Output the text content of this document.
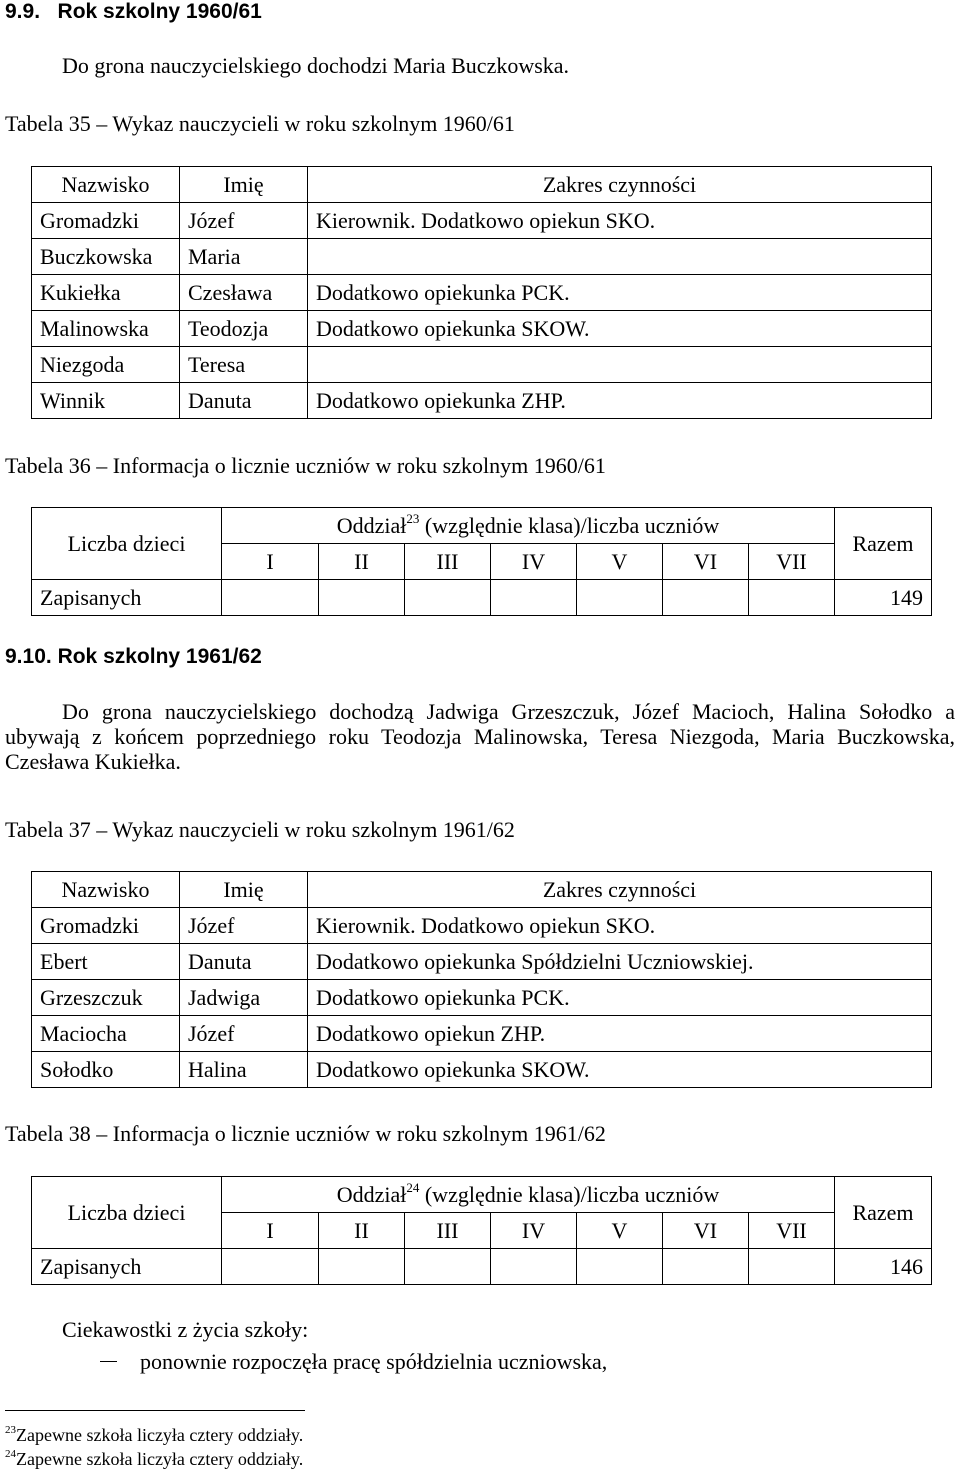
9.9. Rok szkolny 1960/61
Do grona nauczycielskiego dochodzi Maria Buczkowska.
Tabela 35 – Wykaz nauczycieli w roku szkolnym 1960/61
Nazwisko	Imię	Zakres czynności
Gromadzki	Józef	Kierownik. Dodatkowo opiekun SKO.
Buczkowska	Maria	
Kukiełka	Czesława	Dodatkowo opiekunka PCK.
Malinowska	Teodozja	Dodatkowo opiekunka SKOW.
Niezgoda	Teresa	
Winnik	Danuta	Dodatkowo opiekunka ZHP.
Tabela 36 – Informacja o licznie uczniów w roku szkolnym 1960/61
Liczba dzieci	Oddział$^{23}$ (względnie klasa)/liczba uczniów							Razem
	I	II	III	IV	V	VI	VII	
Zapisanych								149
9.10. Rok szkolny 1961/62
Do grona nauczycielskiego dochodzą Jadwiga Grzeszczuk, Józef Macioch, Halina Sołodko a ubywają z końcem poprzedniego roku Teodozja Malinowska, Teresa Niezgoda, Maria Buczkowska, Czesława Kukiełka.
Tabela 37 – Wykaz nauczycieli w roku szkolnym 1961/62
Nazwisko	Imię	Zakres czynności
Gromadzki	Józef	Kierownik. Dodatkowo opiekun SKO.
Ebert	Danuta	Dodatkowo opiekunka Spółdzielni Uczniowskiej.
Grzeszczuk	Jadwiga	Dodatkowo opiekunka PCK.
Maciocha	Józef	Dodatkowo opiekun ZHP.
Sołodko	Halina	Dodatkowo opiekunka SKOW.
Tabela 38 – Informacja o licznie uczniów w roku szkolnym 1961/62
Liczba dzieci	Oddział$^{24}$ (względnie klasa)/liczba uczniów							Razem
	I	II	III	IV	V	VI	VII	
Zapisanych								146
Ciekawostki z życia szkoły:
ponownie rozpoczęła pracę spółdzielnia uczniowska,
$^{23}$Zapewne szkoła liczyła cztery oddziały.
$^{24}$Zapewne szkoła liczyła cztery oddziały.
